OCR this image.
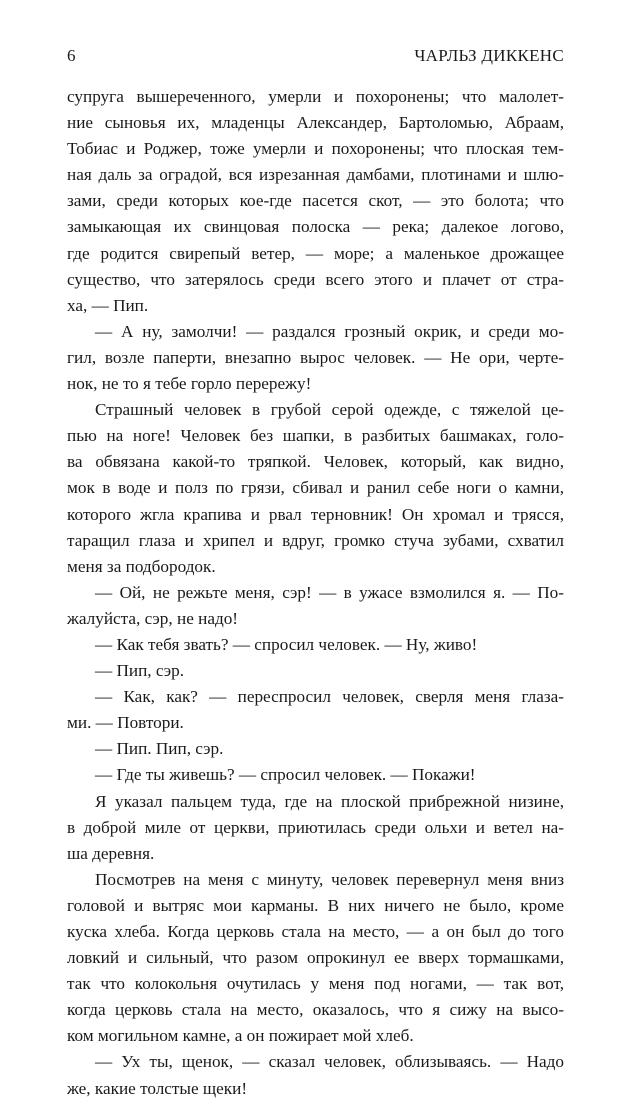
6	ЧАРЛЬЗ ДИККЕНС
супруга вышереченного, умерли и похоронены; что малолет-
ние сыновья их, младенцы Александер, Бартоломью, Абраам,
Тобиас и Роджер, тоже умерли и похоронены; что плоская тем-
ная даль за оградой, вся изрезанная дамбами, плотинами и шлю-
зами, среди которых кое-где пасется скот, — это болота; что
замыкающая их свинцовая полоска — река; далекое логово,
где родится свирепый ветер, — море; а маленькое дрожащее
существо, что затерялось среди всего этого и плачет от стра-
ха, — Пип.
— А ну, замолчи! — раздался грозный окрик, и среди мо-
гил, возле паперти, внезапно вырос человек. — Не ори, черте-
нок, не то я тебе горло перережу!
Страшный человек в грубой серой одежде, с тяжелой це-
пью на ноге! Человек без шапки, в разбитых башмаках, голо-
ва обвязана какой-то тряпкой. Человек, который, как видно,
мок в воде и полз по грязи, сбивал и ранил себе ноги о камни,
которого жгла крапива и рвал терновник! Он хромал и трясся,
таращил глаза и хрипел и вдруг, громко стуча зубами, схватил
меня за подбородок.
— Ой, не режьте меня, сэр! — в ужасе взмолился я. — По-
жалуйста, сэр, не надо!
— Как тебя звать? — спросил человек. — Ну, живо!
— Пип, сэр.
— Как, как? — переспросил человек, сверля меня глаза-
ми. — Повтори.
— Пип. Пип, сэр.
— Где ты живешь? — спросил человек. — Покажи!
Я указал пальцем туда, где на плоской прибрежной низине,
в доброй миле от церкви, приютилась среди ольхи и ветел на-
ша деревня.
Посмотрев на меня с минуту, человек перевернул меня вниз
головой и вытряс мои карманы. В них ничего не было, кроме
куска хлеба. Когда церковь стала на место, — а он был до того
ловкий и сильный, что разом опрокинул ее вверх тормашками,
так что колокольня очутилась у меня под ногами, — так вот,
когда церковь стала на место, оказалось, что я сижу на высо-
ком могильном камне, а он пожирает мой хлеб.
— Ух ты, щенок, — сказал человек, облизываясь. — Надо
же, какие толстые щеки!
